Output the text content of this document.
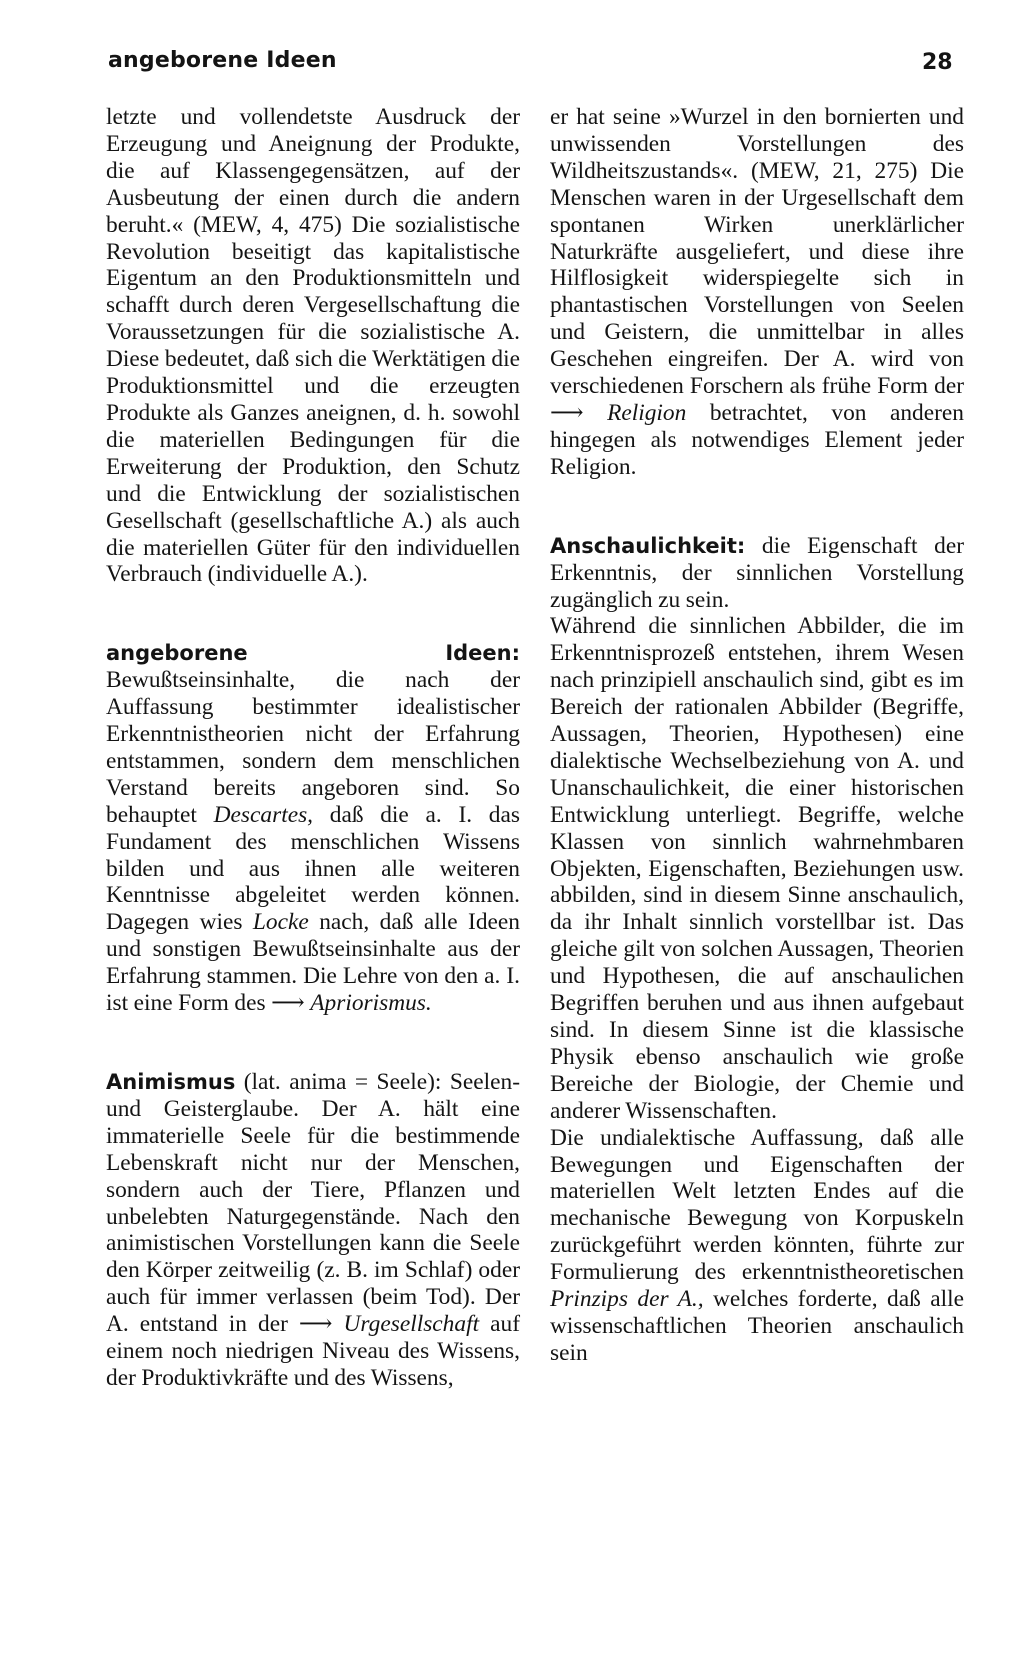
angeborene Ideen	28

letzte und vollendetste Ausdruck der Erzeugung und Aneignung der Produkte, die auf Klassengegensätzen, auf der Ausbeutung der einen durch die andern beruht.« (MEW, 4, 475) Die sozialistische Revolution beseitigt das kapitalistische Eigentum an den Produktionsmitteln und schafft durch deren Vergesellschaftung die Voraussetzungen für die sozialistische A. Diese bedeutet, daß sich die Werktätigen die Produktionsmittel und die erzeugten Produkte als Ganzes aneignen, d. h. sowohl die materiellen Bedingungen für die Erweiterung der Produktion, den Schutz und die Entwicklung der sozialistischen Gesellschaft (gesellschaftliche A.) als auch die materiellen Güter für den individuellen Verbrauch (individuelle A.).

angeborene Ideen: Bewußtseinsinhalte, die nach der Auffassung bestimmter idealistischer Erkenntnistheorien nicht der Erfahrung entstammen, sondern dem menschlichen Verstand bereits angeboren sind. So behauptet Descartes, daß die a. I. das Fundament des menschlichen Wissens bilden und aus ihnen alle weiteren Kenntnisse abgeleitet werden können. Dagegen wies Locke nach, daß alle Ideen und sonstigen Bewußtseinsinhalte aus der Erfahrung stammen. Die Lehre von den a. I. ist eine Form des ⟶ Apriorismus.

Animismus (lat. anima = Seele): Seelen- und Geisterglaube. Der A. hält eine immaterielle Seele für die bestimmende Lebenskraft nicht nur der Menschen, sondern auch der Tiere, Pflanzen und unbelebten Naturgegenstände. Nach den animistischen Vorstellungen kann die Seele den Körper zeitweilig (z. B. im Schlaf) oder auch für immer verlassen (beim Tod). Der A. entstand in der ⟶ Urgesellschaft auf einem noch niedrigen Niveau des Wissens, der Produktivkräfte und des Wissens,

er hat seine »Wurzel in den bornierten und unwissenden Vorstellungen des Wildheitszustands«. (MEW, 21, 275) Die Menschen waren in der Urgesellschaft dem spontanen Wirken unerklärlicher Naturkräfte ausgeliefert, und diese ihre Hilflosigkeit widerspiegelte sich in phantastischen Vorstellungen von Seelen und Geistern, die unmittelbar in alles Geschehen eingreifen. Der A. wird von verschiedenen Forschern als frühe Form der ⟶ Religion betrachtet, von anderen hingegen als notwendiges Element jeder Religion.

Anschaulichkeit: die Eigenschaft der Erkenntnis, der sinnlichen Vorstellung zugänglich zu sein.

Während die sinnlichen Abbilder, die im Erkenntnisprozeß entstehen, ihrem Wesen nach prinzipiell anschaulich sind, gibt es im Bereich der rationalen Abbilder (Begriffe, Aussagen, Theorien, Hypothesen) eine dialektische Wechselbeziehung von A. und Unanschaulichkeit, die einer historischen Entwicklung unterliegt. Begriffe, welche Klassen von sinnlich wahrnehmbaren Objekten, Eigenschaften, Beziehungen usw. abbilden, sind in diesem Sinne anschaulich, da ihr Inhalt sinnlich vorstellbar ist. Das gleiche gilt von solchen Aussagen, Theorien und Hypothesen, die auf anschaulichen Begriffen beruhen und aus ihnen aufgebaut sind. In diesem Sinne ist die klassische Physik ebenso anschaulich wie große Bereiche der Biologie, der Chemie und anderer Wissenschaften.

Die undialektische Auffassung, daß alle Bewegungen und Eigenschaften der materiellen Welt letzten Endes auf die mechanische Bewegung von Korpuskeln zurückgeführt werden könnten, führte zur Formulierung des erkenntnistheoretischen Prinzips der A., welches forderte, daß alle wissenschaftlichen Theorien anschaulich sein
